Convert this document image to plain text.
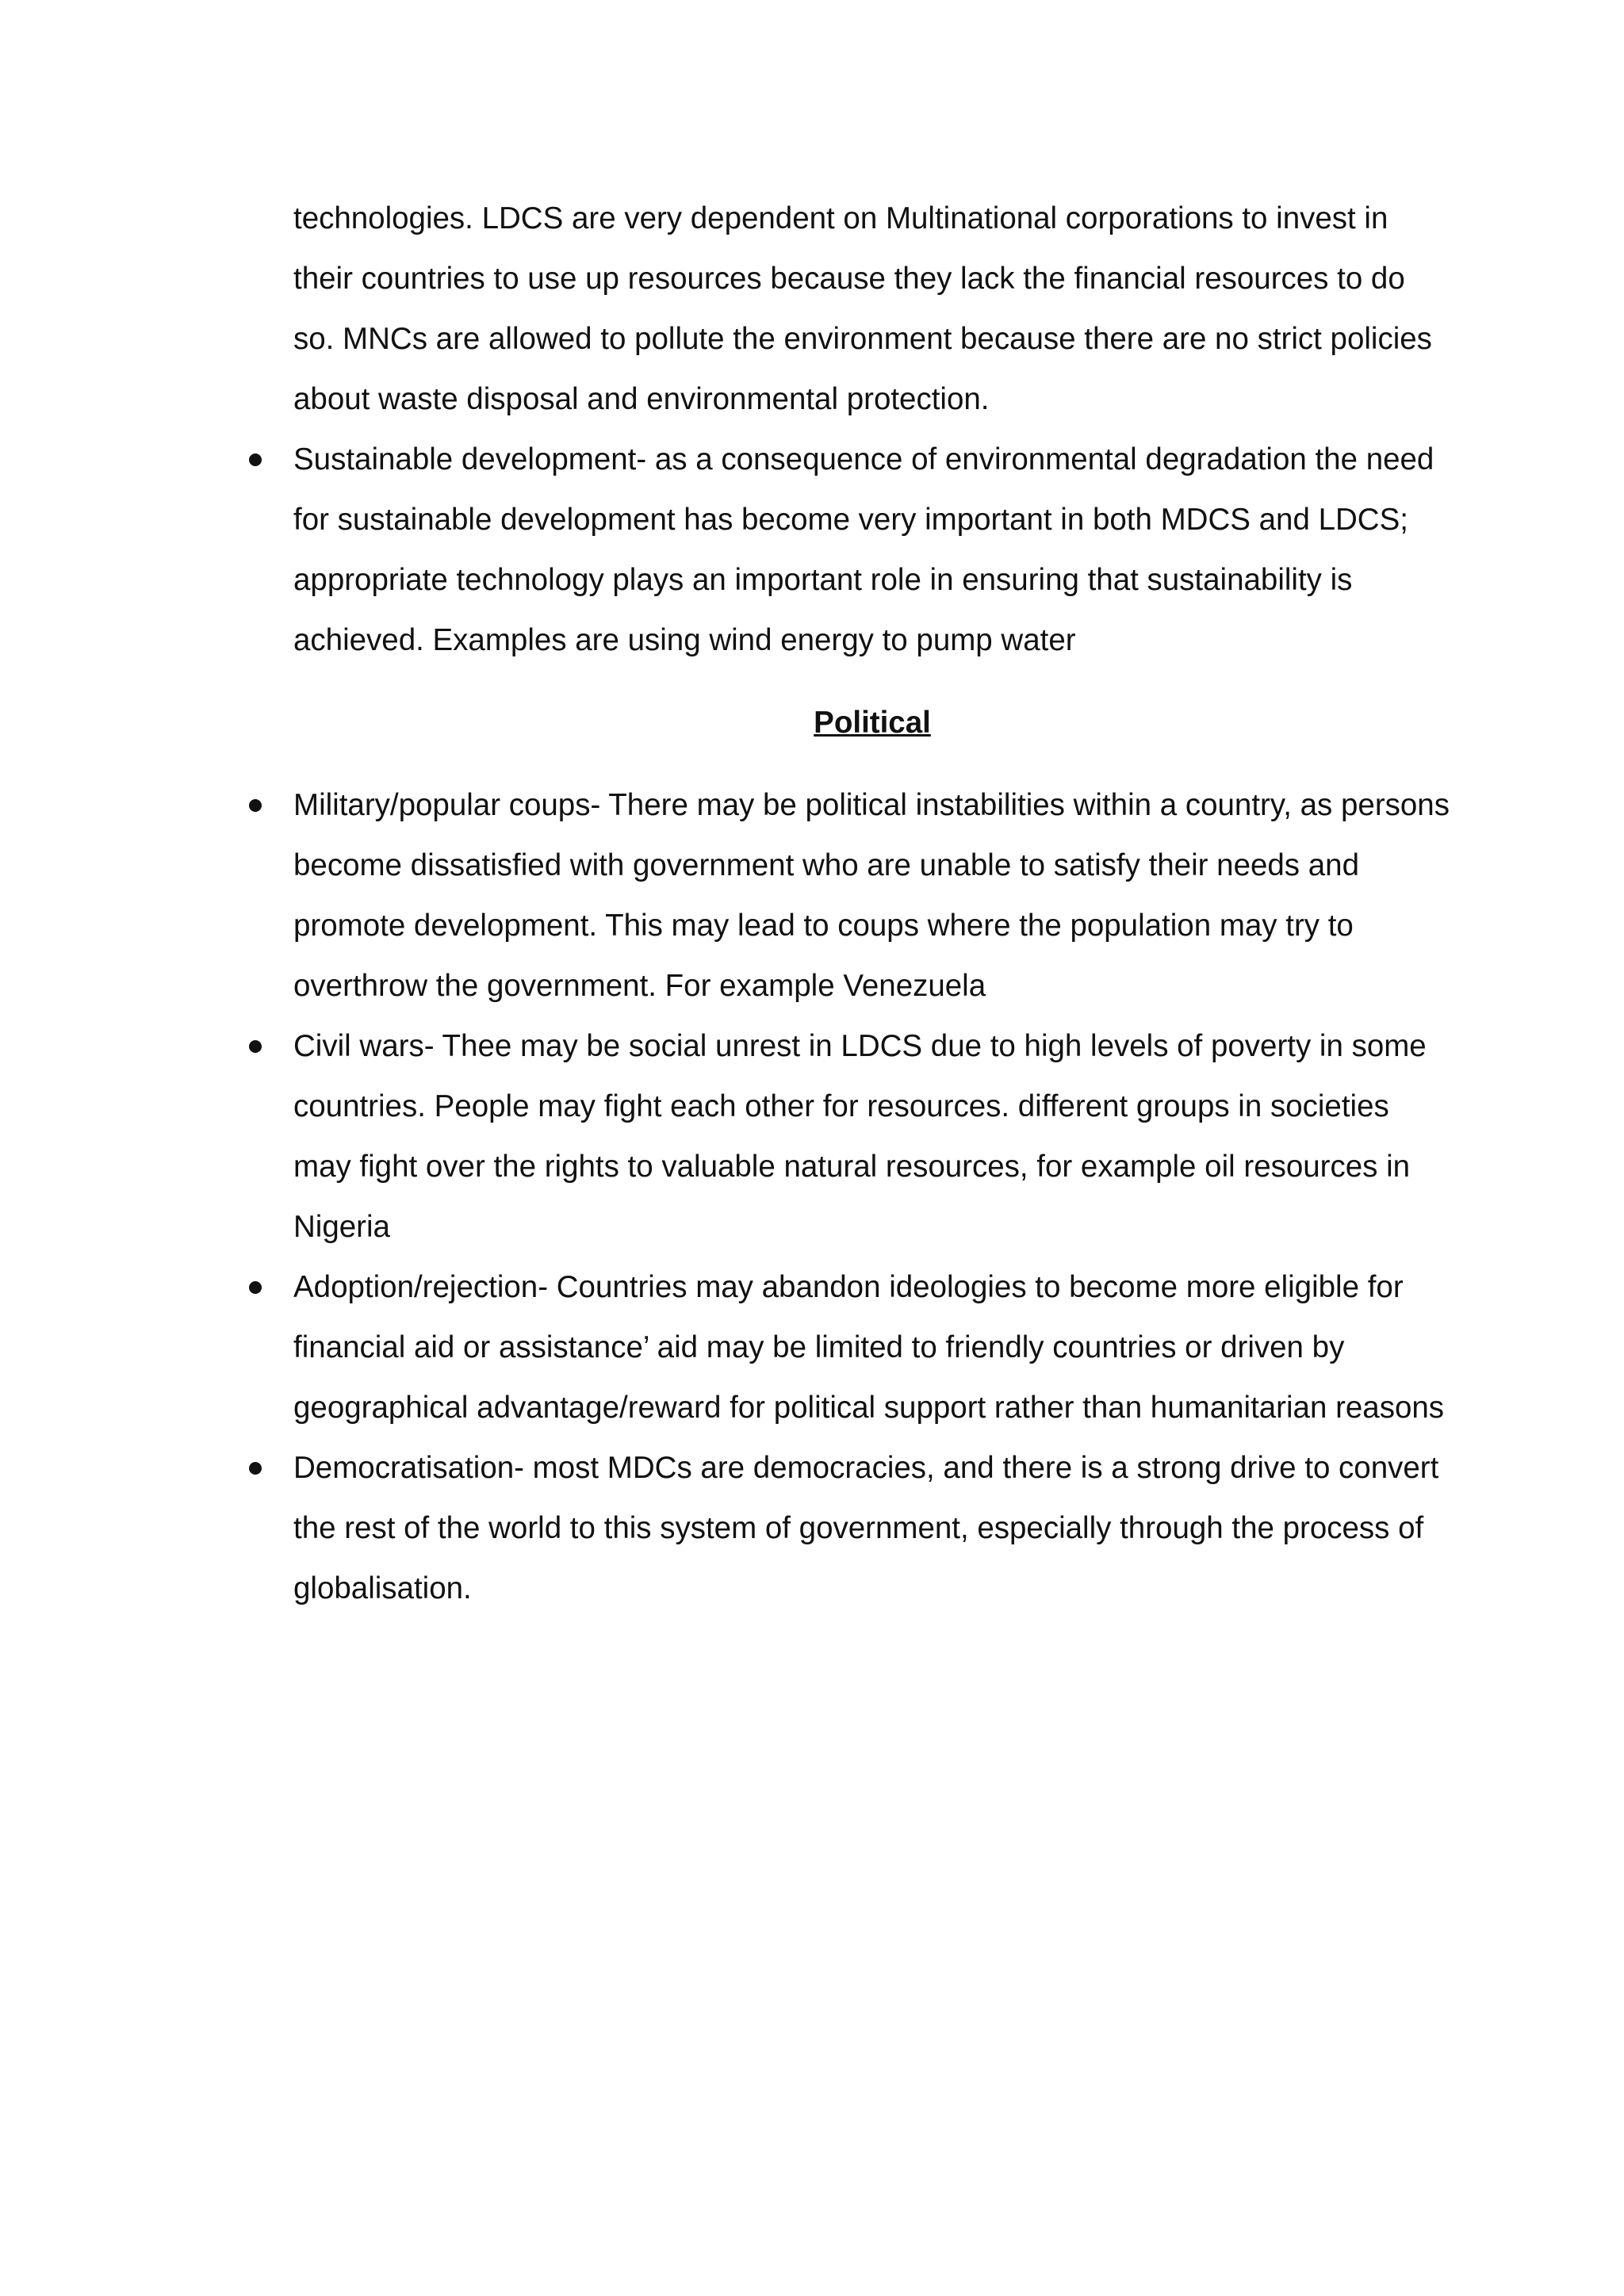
technologies. LDCS are very dependent on Multinational corporations to invest in their countries to use up resources because they lack the financial resources to do so. MNCs are allowed to pollute the environment because there are no strict policies about waste disposal and environmental protection.

Sustainable development- as a consequence of environmental degradation the need for sustainable development has become very important in both MDCS and LDCS; appropriate technology plays an important role in ensuring that sustainability is achieved. Examples are using wind energy to pump water
Political
Military/popular coups- There may be political instabilities within a country, as persons become dissatisfied with government who are unable to satisfy their needs and promote development. This may lead to coups where the population may try to overthrow the government. For example Venezuela
Civil wars- Thee may be social unrest in LDCS due to high levels of poverty in some countries. People may fight each other for resources. different groups in societies may fight over the rights to valuable natural resources, for example oil resources in Nigeria
Adoption/rejection- Countries may abandon ideologies to become more eligible for financial aid or assistance’ aid may be limited to friendly countries or driven by geographical advantage/reward for political support rather than humanitarian reasons
Democratisation- most MDCs are democracies, and there is a strong drive to convert the rest of the world to this system of government, especially through the process of globalisation.
